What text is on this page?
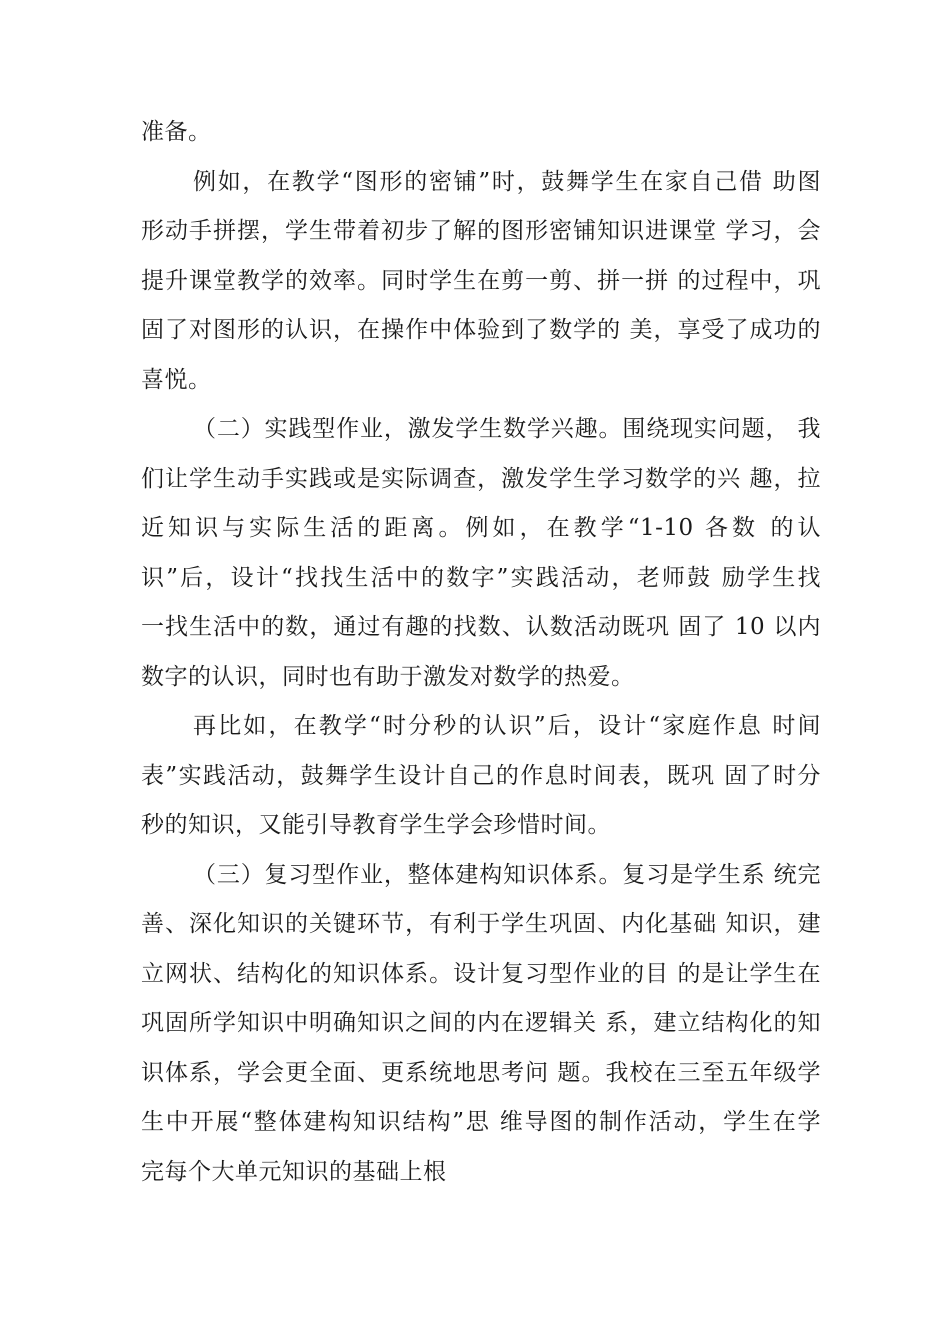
准备。
例如，在教学“图形的密铺”时，鼓舞学生在家自己借 助图
形动手拼摆，学生带着初步了解的图形密铺知识进课堂 学习，会
提升课堂教学的效率。同时学生在剪一剪、拼一拼 的过程中，巩
固了对图形的认识，在操作中体验到了数学的 美，享受了成功的
喜悦。
（二）实践型作业，激发学生数学兴趣。围绕现实问题， 我
们让学生动手实践或是实际调查，激发学生学习数学的兴 趣，拉
近知识与实际生活的距离。例如，在教学“1-10 各数 的认
识”后，设计“找找生活中的数字”实践活动，老师鼓 励学生找
一找生活中的数，通过有趣的找数、认数活动既巩 固了 10 以内
数字的认识，同时也有助于激发对数学的热爱。
再比如，在教学“时分秒的认识”后，设计“家庭作息 时间
表”实践活动，鼓舞学生设计自己的作息时间表，既巩 固了时分
秒的知识，又能引导教育学生学会珍惜时间。
（三）复习型作业，整体建构知识体系。复习是学生系 统完
善、深化知识的关键环节，有利于学生巩固、内化基础 知识，建
立网状、结构化的知识体系。设计复习型作业的目 的是让学生在
巩固所学知识中明确知识之间的内在逻辑关 系，建立结构化的知
识体系，学会更全面、更系统地思考问 题。我校在三至五年级学
生中开展“整体建构知识结构”思 维导图的制作活动，学生在学
完每个大单元知识的基础上根
